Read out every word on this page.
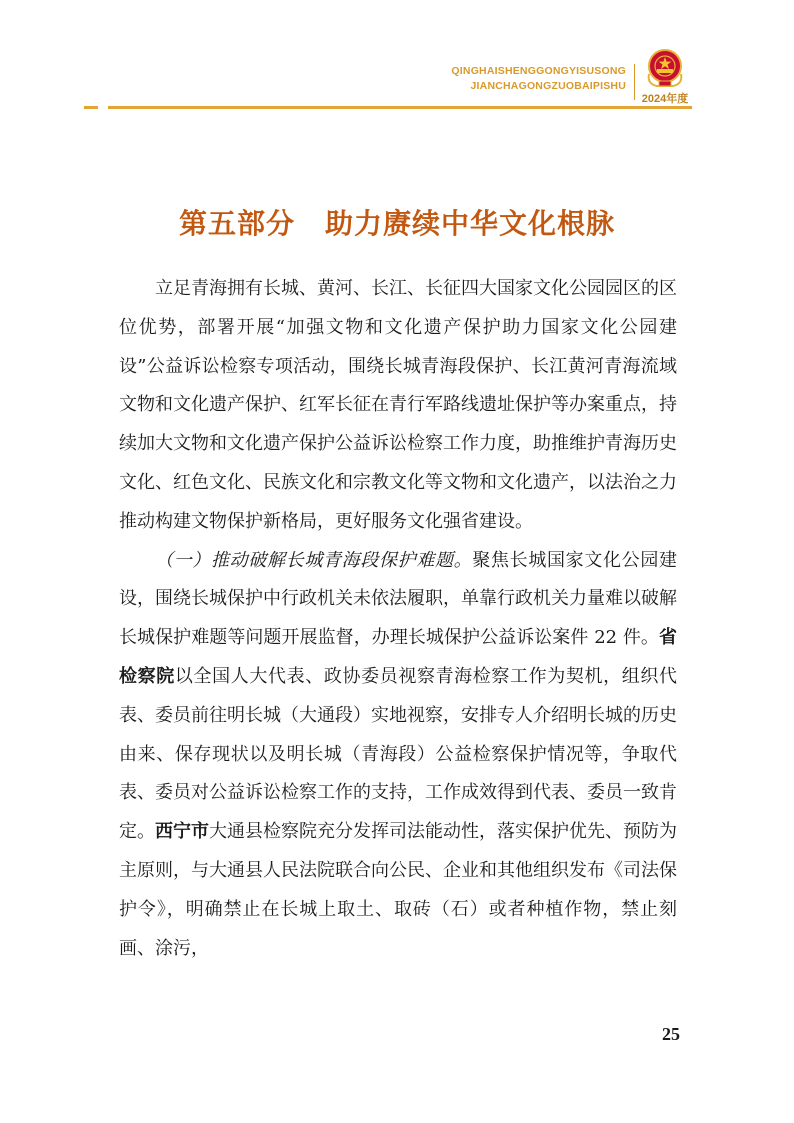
QINGHAISHENGGONGYISUSONG
JIANCHAGONGZUOBAIPISHU
2024年度
第五部分 助力赓续中华文化根脉

立足青海拥有长城、黄河、长江、长征四大国家文化公园园区的区位优势，部署开展“加强文物和文化遗产保护助力国家文化公园建设”公益诉讼检察专项活动，围绕长城青海段保护、长江黄河青海流域文物和文化遗产保护、红军长征在青行军路线遗址保护等办案重点，持续加大文物和文化遗产保护公益诉讼检察工作力度，助推维护青海历史文化、红色文化、民族文化和宗教文化等文物和文化遗产，以法治之力推动构建文物保护新格局，更好服务文化强省建设。

（一）推动破解长城青海段保护难题。聚焦长城国家文化公园建设，围绕长城保护中行政机关未依法履职，单靠行政机关力量难以破解长城保护难题等问题开展监督，办理长城保护公益诉讼案件 22 件。省检察院以全国人大代表、政协委员视察青海检察工作为契机，组织代表、委员前往明长城（大通段）实地视察，安排专人介绍明长城的历史由来、保存现状以及明长城（青海段）公益检察保护情况等，争取代表、委员对公益诉讼检察工作的支持，工作成效得到代表、委员一致肯定。西宁市大通县检察院充分发挥司法能动性，落实保护优先、预防为主原则，与大通县人民法院联合向公民、企业和其他组织发布《司法保护令》，明确禁止在长城上取土、取砖（石）或者种植作物，禁止刻画、涂污，

25
